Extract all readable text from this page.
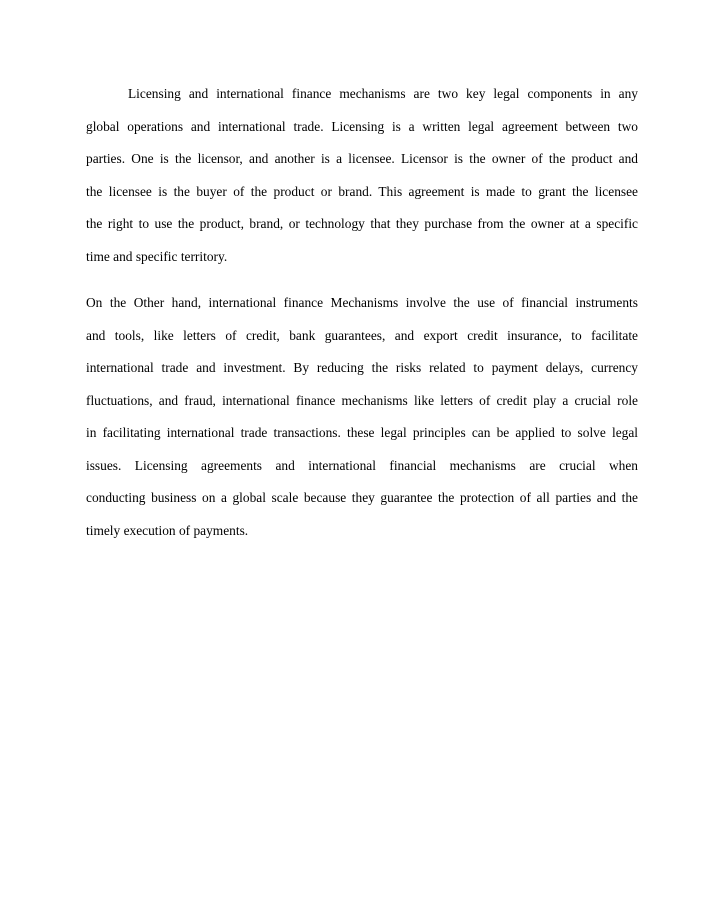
Licensing and international finance mechanisms are two key legal components in any
global operations and international trade. Licensing is a written legal agreement between two
parties. One is the licensor, and another is a licensee. Licensor is the owner of the product and
the licensee is the buyer of the product or brand. This agreement is made to grant the licensee
the right to use the product, brand, or technology that they purchase from the owner at a specific
time and specific territory.
On the Other hand, international finance Mechanisms involve the use of financial instruments
and tools, like letters of credit, bank guarantees, and export credit insurance, to facilitate
international trade and investment. By reducing the risks related to payment delays, currency
fluctuations, and fraud, international finance mechanisms like letters of credit play a crucial role
in facilitating international trade transactions. these legal principles can be applied to solve legal
issues. Licensing agreements and international financial mechanisms are crucial when
conducting business on a global scale because they guarantee the protection of all parties and the
timely execution of payments.
